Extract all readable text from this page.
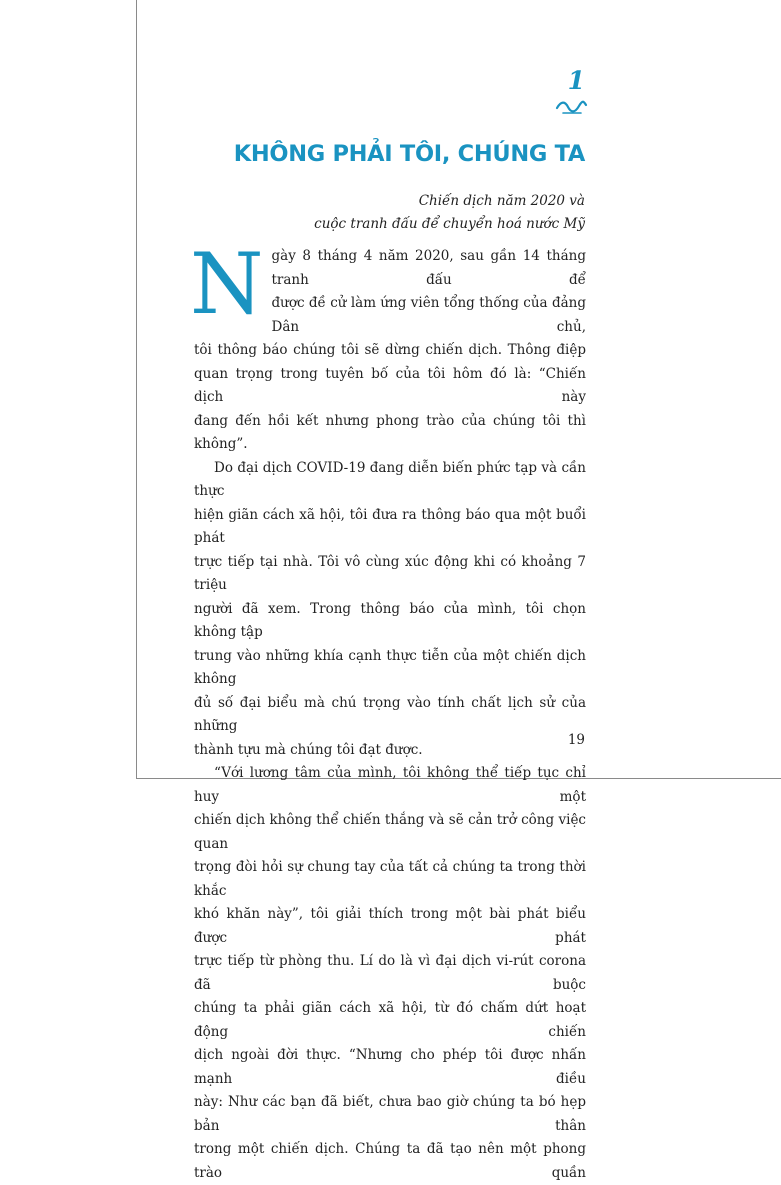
1
KHÔNG PHẢI TÔI, CHÚNG TA
Chiến dịch năm 2020 và
cuộc tranh đấu để chuyển hoá nước Mỹ

N gày 8 tháng 4 năm 2020, sau gần 14 tháng tranh đấu để
được đề cử làm ứng viên tổng thống của đảng Dân chủ,
tôi thông báo chúng tôi sẽ dừng chiến dịch. Thông điệp
quan trọng trong tuyên bố của tôi hôm đó là: “Chiến dịch này
đang đến hồi kết nhưng phong trào của chúng tôi thì không”.

Do đại dịch COVID-19 đang diễn biến phức tạp và cần thực
hiện giãn cách xã hội, tôi đưa ra thông báo qua một buổi phát
trực tiếp tại nhà. Tôi vô cùng xúc động khi có khoảng 7 triệu
người đã xem. Trong thông báo của mình, tôi chọn không tập
trung vào những khía cạnh thực tiễn của một chiến dịch không
đủ số đại biểu mà chú trọng vào tính chất lịch sử của những
thành tựu mà chúng tôi đạt được.

“Với lương tâm của mình, tôi không thể tiếp tục chỉ huy một
chiến dịch không thể chiến thắng và sẽ cản trở công việc quan
trọng đòi hỏi sự chung tay của tất cả chúng ta trong thời khắc
khó khăn này”, tôi giải thích trong một bài phát biểu được phát
trực tiếp từ phòng thu. Lí do là vì đại dịch vi-rút corona đã buộc
chúng ta phải giãn cách xã hội, từ đó chấm dứt hoạt động chiến
dịch ngoài đời thực. “Nhưng cho phép tôi được nhấn mạnh điều
này: Như các bạn đã biết, chưa bao giờ chúng ta bó hẹp bản thân
trong một chiến dịch. Chúng ta đã tạo nên một phong trào quần

19
